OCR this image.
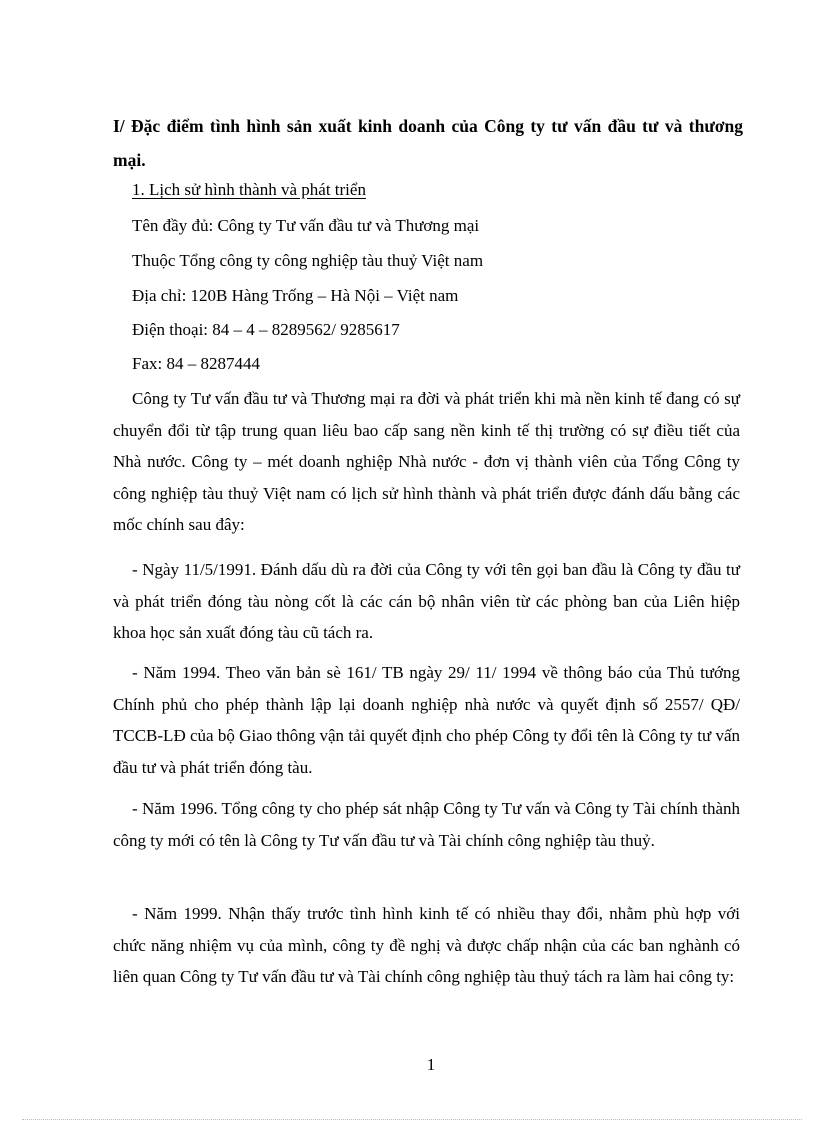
I/ Đặc điểm tình hình sản xuất kinh doanh của Công ty tư vấn đầu tư và thương mại.

1. Lịch sử hình thành và phát triển

Tên đầy đủ: Công ty Tư vấn đầu tư và Thương mại

Thuộc Tổng công ty công nghiệp tàu thuỷ Việt nam

Địa chỉ: 120B Hàng Trống – Hà Nội – Việt nam

Điện thoại: 84 – 4 – 8289562/ 9285617

Fax: 84 – 8287444

Công ty Tư vấn đầu tư và Thương mại ra đời và phát triển khi mà nền kinh tế đang có sự chuyển đổi từ tập trung quan liêu bao cấp sang nền kinh tế thị trường có sự điều tiết của Nhà nước. Công ty – mét doanh nghiệp Nhà nước - đơn vị thành viên của Tổng Công ty công nghiệp tàu thuỷ Việt nam có lịch sử hình thành và phát triển được đánh dấu bằng các mốc chính sau đây:

- Ngày 11/5/1991. Đánh dấu dù ra đời của Công ty với tên gọi ban đầu là Công ty đầu tư và phát triển đóng tàu nòng cốt là các cán bộ nhân viên từ các phòng ban của Liên hiệp khoa học sản xuất đóng tàu cũ tách ra.

- Năm 1994. Theo văn bản sè 161/ TB ngày 29/ 11/ 1994 về thông báo của Thủ tướng Chính phủ cho phép thành lập lại doanh nghiệp nhà nước và quyết định số 2557/ QĐ/ TCCB-LĐ của bộ Giao thông vận tải quyết định cho phép Công ty đổi tên là Công ty tư vấn đầu tư và phát triển đóng tàu.

- Năm 1996. Tổng công ty cho phép sát nhập Công ty Tư vấn và Công ty Tài chính thành công ty mới có tên là Công ty Tư vấn đầu tư và Tài chính công nghiệp tàu thuỷ.

- Năm 1999. Nhận thấy trước tình hình kinh tế có nhiều thay đổi, nhằm phù hợp với chức năng nhiệm vụ của mình, công ty đề nghị và được chấp nhận của các ban nghành có liên quan Công ty Tư vấn đầu tư và Tài chính công nghiệp tàu thuỷ tách ra làm hai công ty:

1
